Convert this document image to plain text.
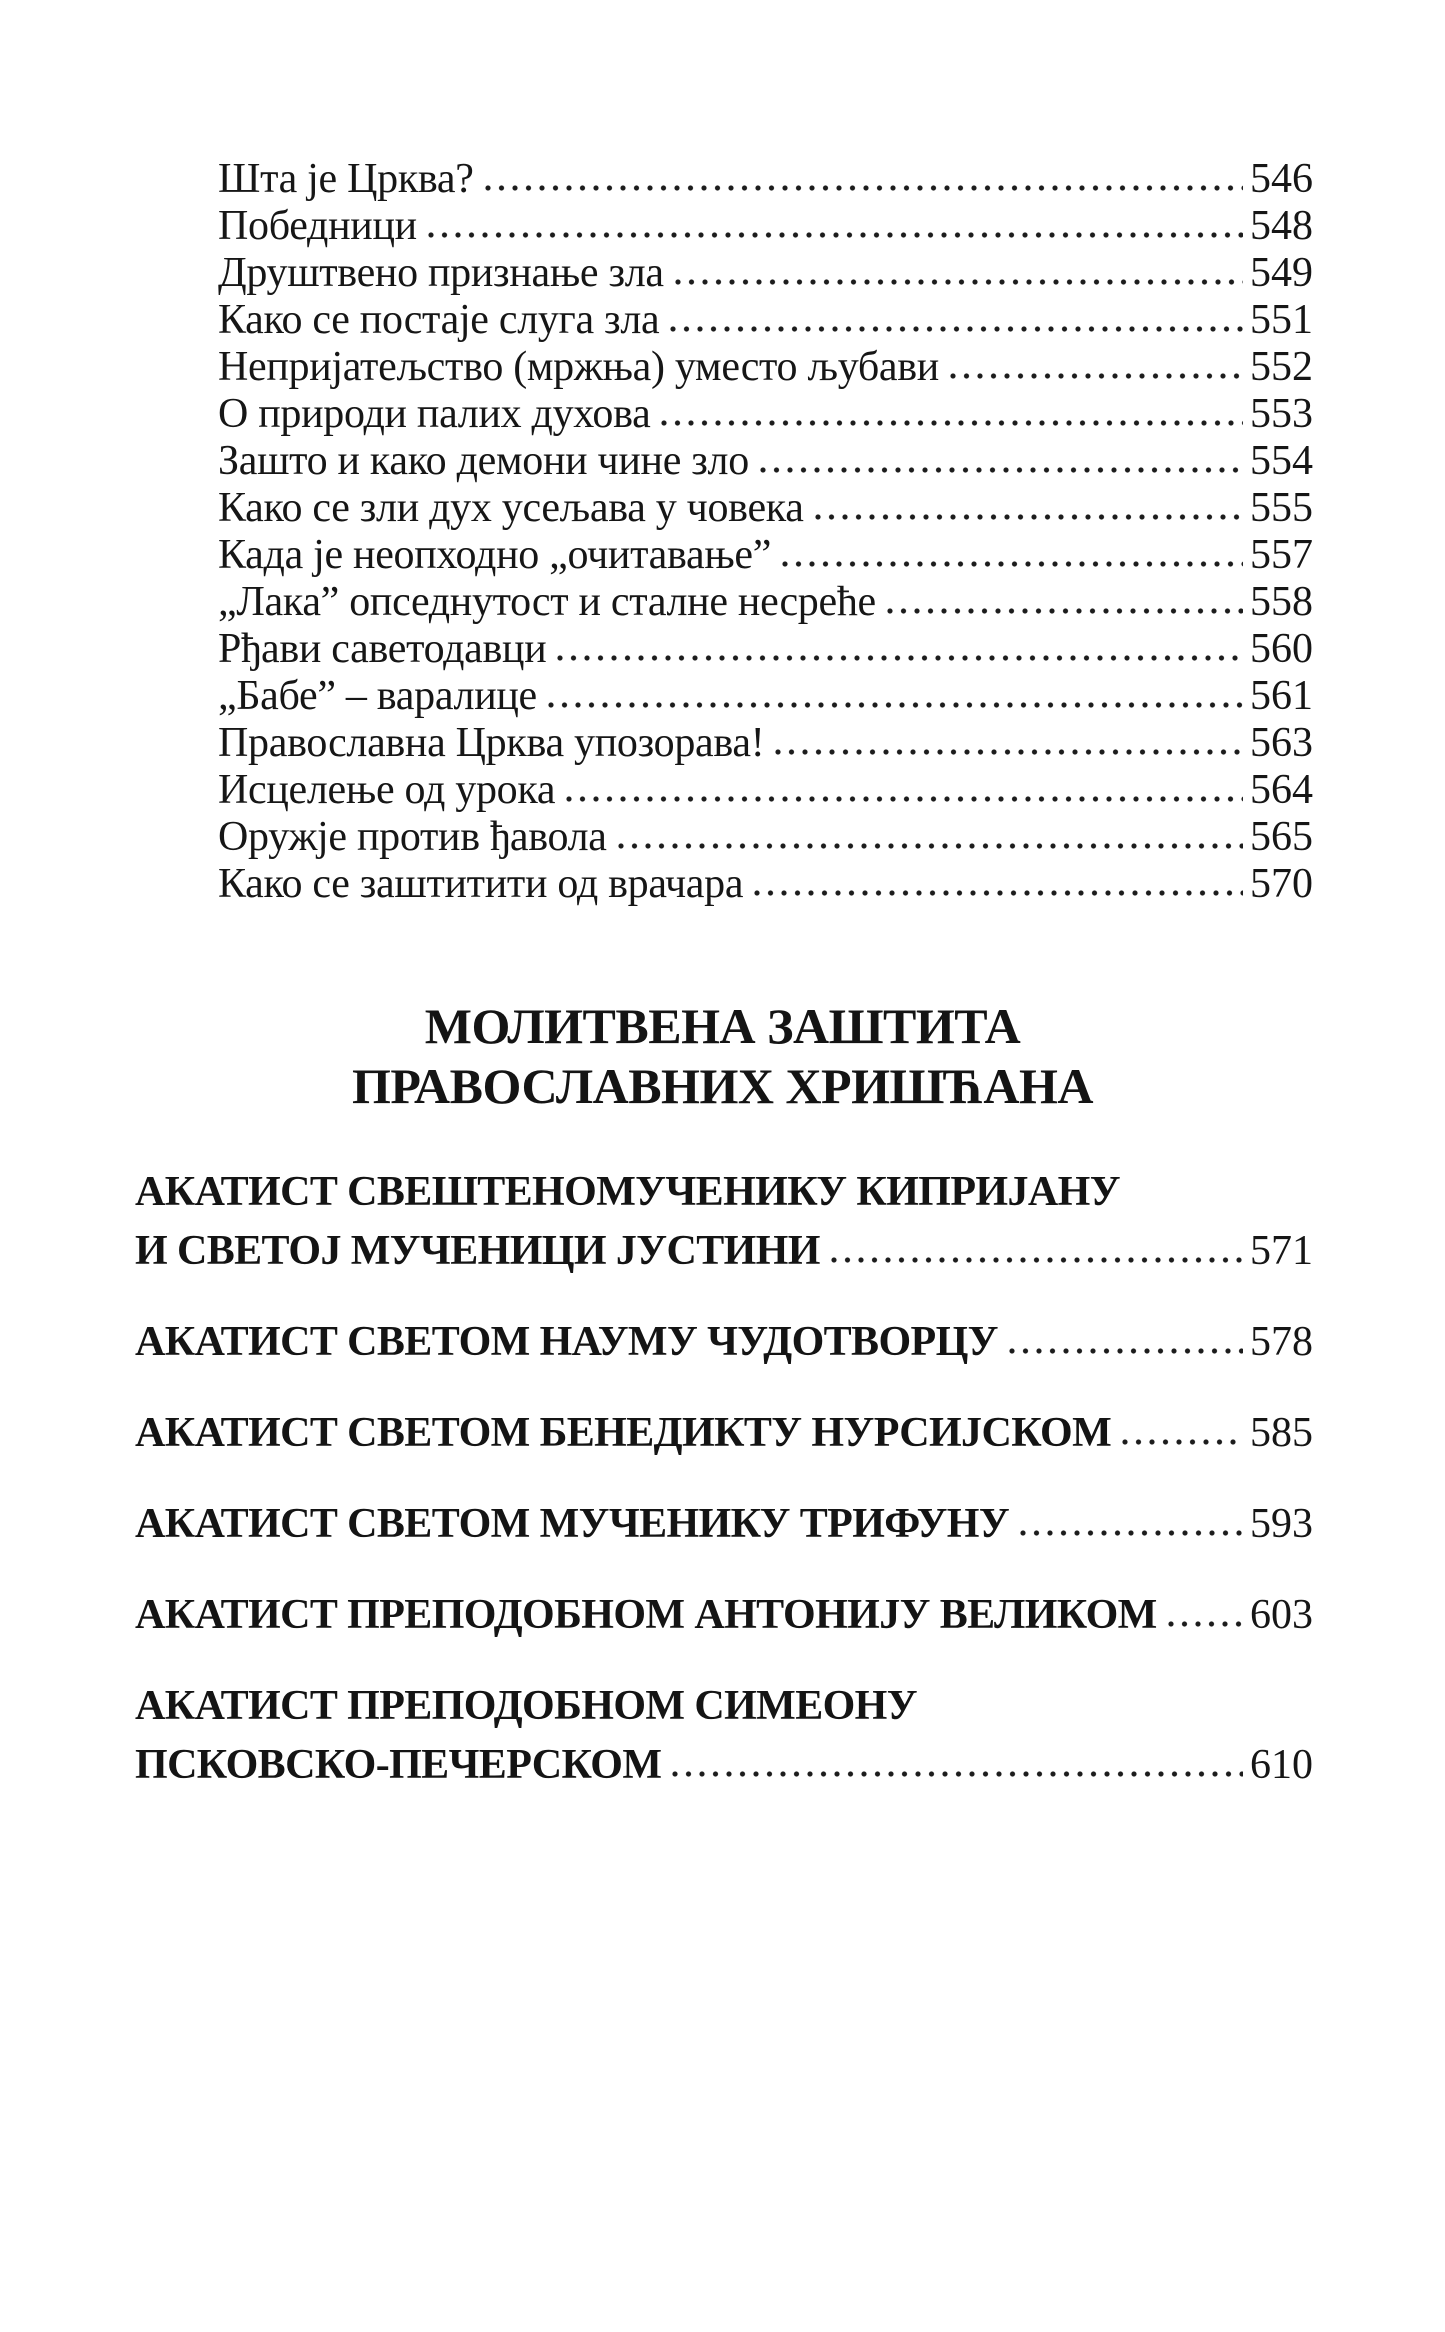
Шта је Црква?	546
Победници	548
Друштвено признање зла	549
Како се постаје слуга зла	551
Непријатељство (мржња) уместо љубави	552
О природи палих духова	553
Зашто и како демони чине зло	554
Како се зли дух усељава у човека	555
Када је неопходно „очитавање”	557
„Лака” опседнутост и сталне несреће	558
Рђави саветодавци	560
„Бабе” – варалице	561
Православна Црква упозорава!	563
Исцелење од урока	564
Оружје против ђавола	565
Како се заштитити од врачара	570
МОЛИТВЕНА ЗАШТИТА
ПРАВОСЛАВНИХ ХРИШЋАНА
АКАТИСТ СВЕШТЕНОМУЧЕНИКУ КИПРИЈАНУ
И СВЕТОЈ МУЧЕНИЦИ ЈУСТИНИ	571
АКАТИСТ СВЕТОМ НАУМУ ЧУДОТВОРЦУ	578
АКАТИСТ СВЕТОМ БЕНЕДИКТУ НУРСИЈСКОМ	585
АКАТИСТ СВЕТОМ МУЧЕНИКУ ТРИФУНУ	593
АКАТИСТ ПРЕПОДОБНОМ АНТОНИЈУ ВЕЛИКОМ 603
АКАТИСТ ПРЕПОДОБНОМ СИМЕОНУ
ПСКОВСКО-ПЕЧЕРСКОМ	610
